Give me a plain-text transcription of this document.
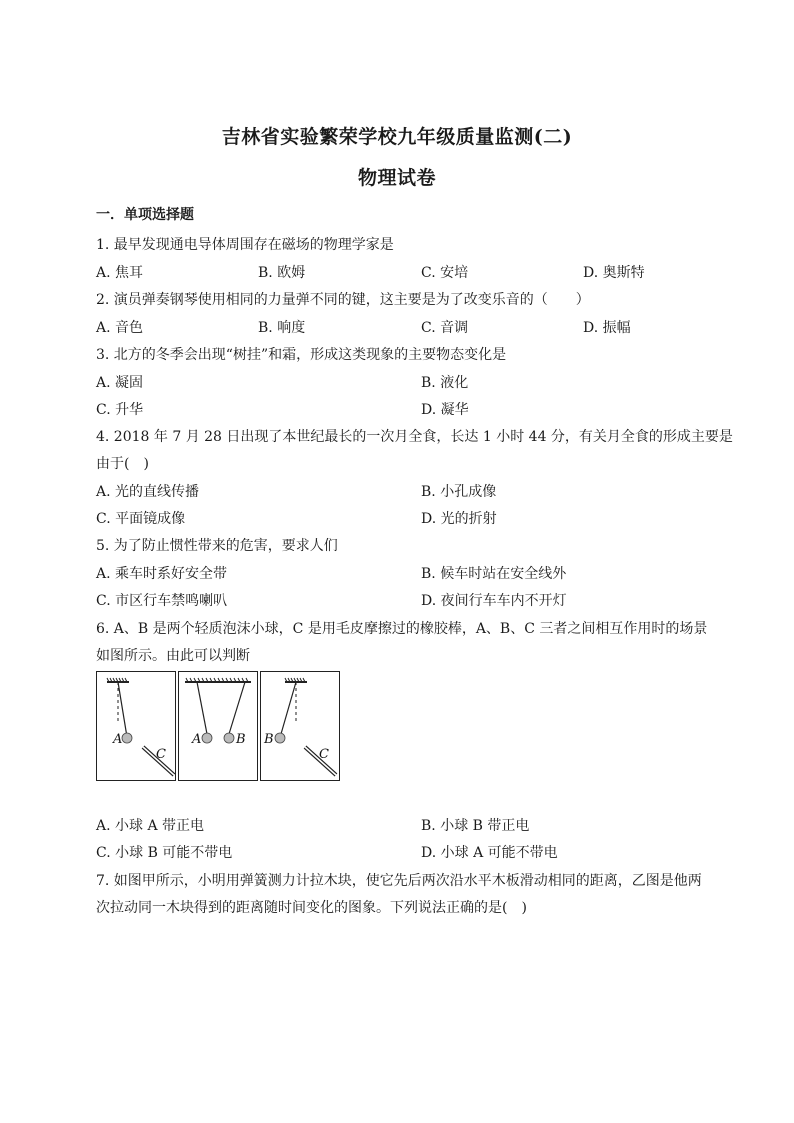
吉林省实验繁荣学校九年级质量监测(二)
物理试卷
一．单项选择题
1. 最早发现通电导体周围存在磁场的物理学家是
A. 焦耳	B. 欧姆	C. 安培	D. 奥斯特
2. 演员弹奏钢琴使用相同的力量弹不同的键，这主要是为了改变乐音的（　　）
A. 音色	B. 响度	C. 音调	D. 振幅
3. 北方的冬季会出现“树挂”和霜，形成这类现象的主要物态变化是
A. 凝固	B. 液化
C. 升华	D. 凝华
4. 2018 年 7 月 28 日出现了本世纪最长的一次月全食，长达 1 小时 44 分，有关月全食的形成主要是
由于(　)
A. 光的直线传播	B. 小孔成像
C. 平面镜成像	D. 光的折射
5. 为了防止惯性带来的危害，要求人们
A. 乘车时系好安全带	B. 候车时站在安全线外
C. 市区行车禁鸣喇叭	D. 夜间行车车内不开灯
6. A、B 是两个轻质泡沫小球，C 是用毛皮摩擦过的橡胶棒，A、B、C 三者之间相互作用时的场景
如图所示。由此可以判断
A
C
A	B B
C
A. 小球 A 带正电	B. 小球 B 带正电
C. 小球 B 可能不带电	D. 小球 A 可能不带电
7. 如图甲所示，小明用弹簧测力计拉木块，使它先后两次沿水平木板滑动相同的距离，乙图是他两
次拉动同一木块得到的距离随时间变化的图象。下列说法正确的是(　)
